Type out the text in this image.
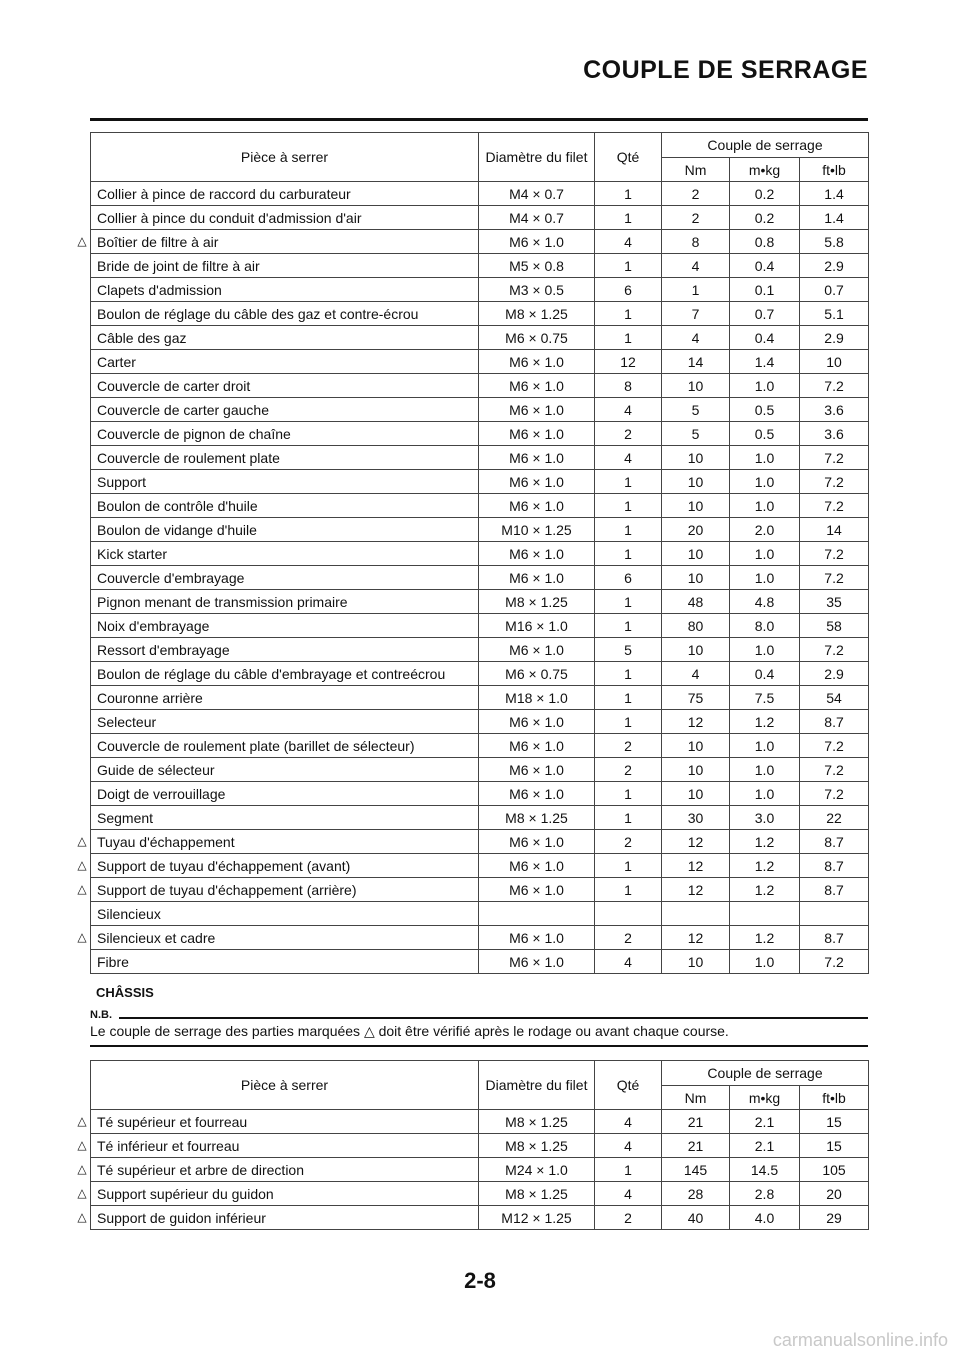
COUPLE DE SERRAGE
Pièce à serrer	Diamètre du filet	Qté	Couple de serrage		
			Nm	m•kg	ft•lb
Collier à pince de raccord du carburateur	M4 × 0.7	1	2	0.2	1.4
Collier à pince du conduit d'admission d'air	M4 × 0.7	1	2	0.2	1.4
Boîtier de filtre à air	M6 × 1.0	4	8	0.8	5.8
Bride de joint de filtre à air	M5 × 0.8	1	4	0.4	2.9
Clapets d'admission	M3 × 0.5	6	1	0.1	0.7
Boulon de réglage du câble des gaz et contre-écrou	M8 × 1.25	1	7	0.7	5.1
Câble des gaz	M6 × 0.75	1	4	0.4	2.9
Carter	M6 × 1.0	12	14	1.4	10
Couvercle de carter droit	M6 × 1.0	8	10	1.0	7.2
Couvercle de carter gauche	M6 × 1.0	4	5	0.5	3.6
Couvercle de pignon de chaîne	M6 × 1.0	2	5	0.5	3.6
Couvercle de roulement plate	M6 × 1.0	4	10	1.0	7.2
Support	M6 × 1.0	1	10	1.0	7.2
Boulon de contrôle d'huile	M6 × 1.0	1	10	1.0	7.2
Boulon de vidange d'huile	M10 × 1.25	1	20	2.0	14
Kick starter	M6 × 1.0	1	10	1.0	7.2
Couvercle d'embrayage	M6 × 1.0	6	10	1.0	7.2
Pignon menant de transmission primaire	M8 × 1.25	1	48	4.8	35
Noix d'embrayage	M16 × 1.0	1	80	8.0	58
Ressort d'embrayage	M6 × 1.0	5	10	1.0	7.2
Boulon de réglage du câble d'embrayage et contreécrou	M6 × 0.75	1	4	0.4	2.9
Couronne arrière	M18 × 1.0	1	75	7.5	54
Selecteur	M6 × 1.0	1	12	1.2	8.7
Couvercle de roulement plate (barillet de sélecteur)	M6 × 1.0	2	10	1.0	7.2
Guide de sélecteur	M6 × 1.0	2	10	1.0	7.2
Doigt de verrouillage	M6 × 1.0	1	10	1.0	7.2
Segment	M8 × 1.25	1	30	3.0	22
Tuyau d'échappement	M6 × 1.0	2	12	1.2	8.7
Support de tuyau d'échappement (avant)	M6 × 1.0	1	12	1.2	8.7
Support de tuyau d'échappement (arrière)	M6 × 1.0	1	12	1.2	8.7
Silencieux					
Silencieux et cadre	M6 × 1.0	2	12	1.2	8.7
Fibre	M6 × 1.0	4	10	1.0	7.2
CHÂSSIS
N.B.
Le couple de serrage des parties marquées △ doit être vérifié après le rodage ou avant chaque course.
Pièce à serrer	Diamètre du filet	Qté	Couple de serrage		
			Nm	m•kg	ft•lb
Té supérieur et fourreau	M8 × 1.25	4	21	2.1	15
Té inférieur et fourreau	M8 × 1.25	4	21	2.1	15
Té supérieur et arbre de direction	M24 × 1.0	1	145	14.5	105
Support supérieur du guidon	M8 × 1.25	4	28	2.8	20
Support de guidon inférieur	M12 × 1.25	2	40	4.0	29
2-8
carmanualsonline.info
△
△
△
△
△
△
△
△
△
△
